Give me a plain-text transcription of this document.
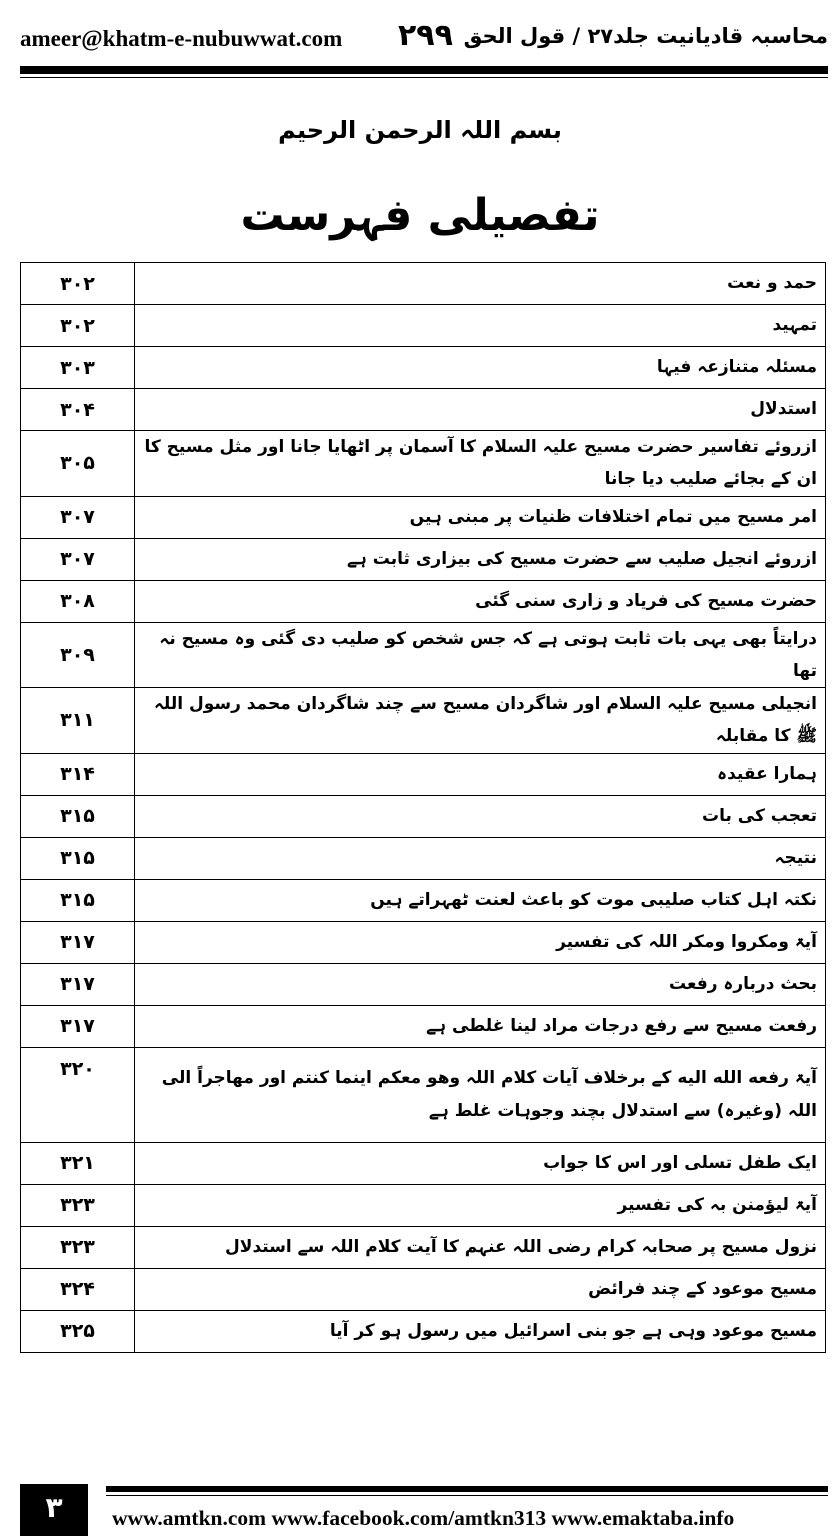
ameer@khatm-e-nubuwwat.com ۲۹۹ محاسبہ قادیانیت جلد۲۷ / قول الحق
بسم اللہ الرحمن الرحیم
تفصیلی فہرست
۳۰۲	حمد و نعت
۳۰۲	تمہید
۳۰۳	مسئلہ متنازعہ فیہا
۳۰۴	استدلال
۳۰۵	ازروئے تفاسیر حضرت مسیح علیہ السلام کا آسمان پر اٹھایا جانا اور مثل مسیح کا ان کے بجائے صلیب دیا جانا
۳۰۷	امر مسیح میں تمام اختلافات ظنیات پر مبنی ہیں
۳۰۷	ازروئے انجیل صلیب سے حضرت مسیح کی بیزاری ثابت ہے
۳۰۸	حضرت مسیح کی فریاد و زاری سنی گئی
۳۰۹	درایتاً بھی یہی بات ثابت ہوتی ہے کہ جس شخص کو صلیب دی گئی وہ مسیح نہ تھا
۳۱۱	انجیلی مسیح علیہ السلام اور شاگردان مسیح سے چند شاگردان محمد رسول اللہ ﷺ کا مقابلہ
۳۱۴	ہمارا عقیدہ
۳۱۵	تعجب کی بات
۳۱۵	نتیجہ
۳۱۵	نکتہ اہل کتاب صلیبی موت کو باعث لعنت ٹھہراتے ہیں
۳۱۷	آیۃ ومکروا ومکر اللہ کی تفسیر
۳۱۷	بحث دربارہ رفعت
۳۱۷	رفعت مسیح سے رفع درجات مراد لینا غلطی ہے
۳۲۰	آیۃ رفعه الله اليه کے برخلاف آیات کلام اللہ وھو معکم اینما کنتم اور مھاجراً الی اللہ (وغیرہ) سے استدلال بچند وجوہات غلط ہے
۳۲۱	ایک طفل تسلی اور اس کا جواب
۳۲۳	آیۃ لیؤمنن بہ کی تفسیر
۳۲۳	نزول مسیح پر صحابہ کرام رضی اللہ عنہم کا آیت کلام اللہ سے استدلال
۳۲۴	مسیح موعود کے چند فرائض
۳۲۵	مسیح موعود وہی ہے جو بنی اسرائیل میں رسول ہو کر آیا
۳	www.amtkn.com www.facebook.com/amtkn313 www.emaktaba.info
